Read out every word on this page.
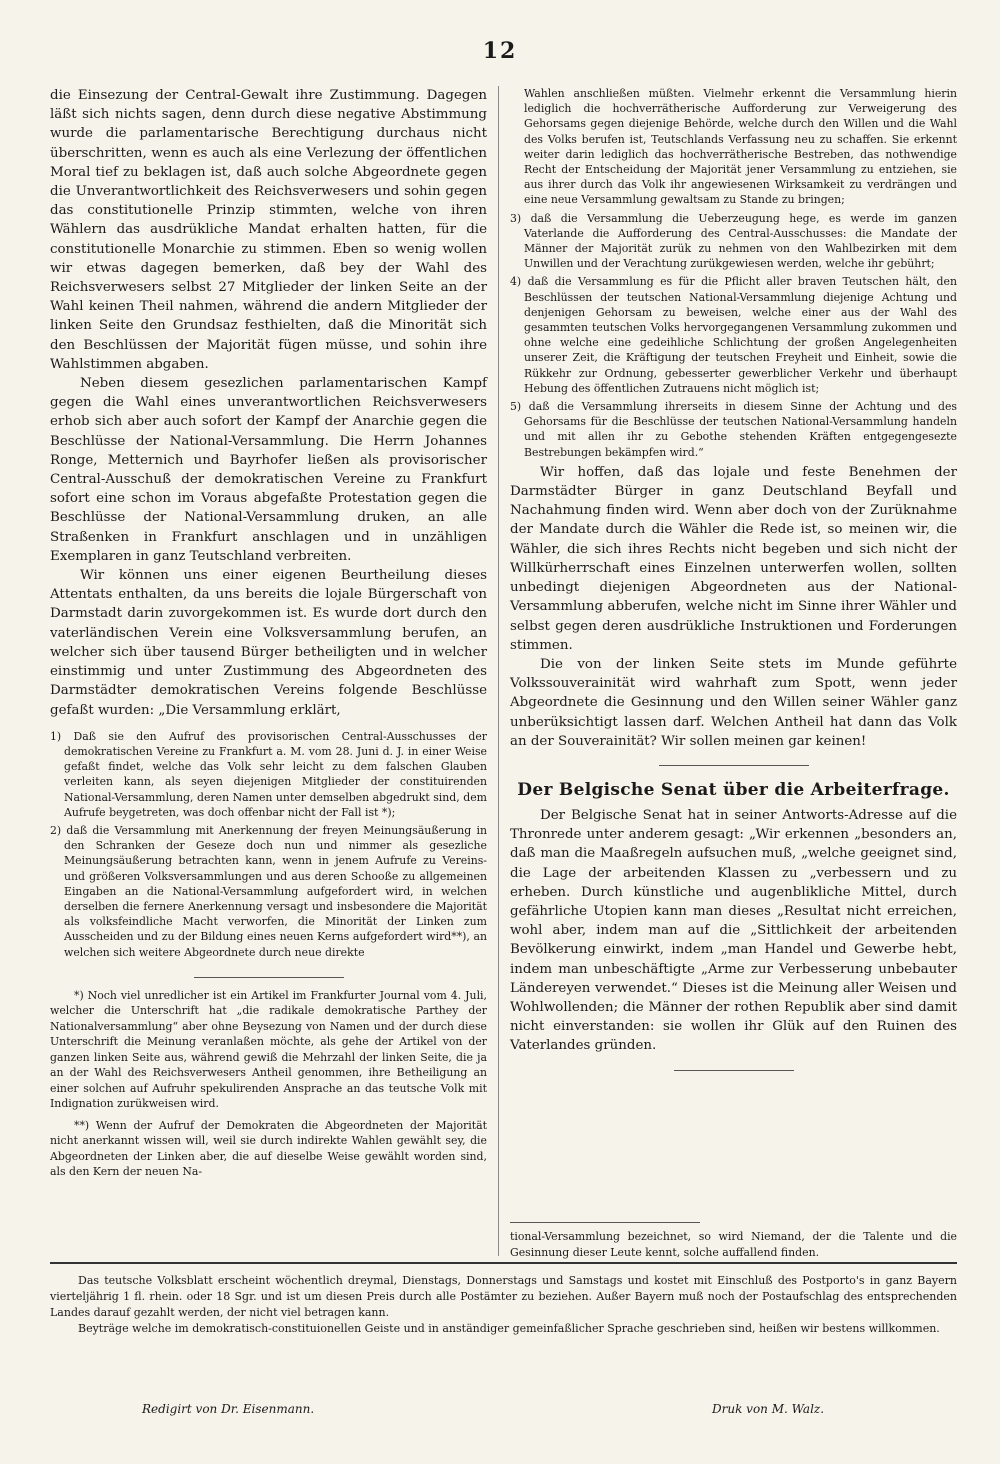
12

die Einsezung der Central-Gewalt ihre Zustimmung. Dagegen läßt sich nichts sagen, denn durch diese negative Abstimmung wurde die parlamentarische Berechtigung durchaus nicht überschritten, wenn es auch als eine Verlezung der öffentlichen Moral tief zu beklagen ist, daß auch solche Abgeordnete gegen die Unverantwortlichkeit des Reichsverwesers und sohin gegen das constitutionelle Prinzip stimmten, welche von ihren Wählern das ausdrükliche Mandat erhalten hatten, für die constitutionelle Monarchie zu stimmen. Eben so wenig wollen wir etwas dagegen bemerken, daß bey der Wahl des Reichsverwesers selbst 27 Mitglieder der linken Seite an der Wahl keinen Theil nahmen, während die andern Mitglieder der linken Seite den Grundsaz festhielten, daß die Minorität sich den Beschlüssen der Majorität fügen müsse, und sohin ihre Wahlstimmen abgaben.

Neben diesem gesezlichen parlamentarischen Kampf gegen die Wahl eines unverantwortlichen Reichsverwesers erhob sich aber auch sofort der Kampf der Anarchie gegen die Beschlüsse der National-Versammlung. Die Herrn Johannes Ronge, Metternich und Bayrhofer ließen als provisorischer Central-Ausschuß der demokratischen Vereine zu Frankfurt sofort eine schon im Voraus abgefaßte Protestation gegen die Beschlüsse der National-Versammlung druken, an alle Straßenken in Frankfurt anschlagen und in unzähligen Exemplaren in ganz Teutschland verbreiten.

Wir können uns einer eigenen Beurtheilung dieses Attentats enthalten, da uns bereits die lojale Bürgerschaft von Darmstadt darin zuvorgekommen ist. Es wurde dort durch den vaterländischen Verein eine Volksversammlung berufen, an welcher sich über tausend Bürger betheiligten und in welcher einstimmig und unter Zustimmung des Abgeordneten des Darmstädter demokratischen Vereins folgende Beschlüsse gefaßt wurden: „Die Versammlung erklärt,

1) Daß sie den Aufruf des provisorischen Central-Ausschusses der demokratischen Vereine zu Frankfurt a. M. vom 28. Juni d. J. in einer Weise gefaßt findet, welche das Volk sehr leicht zu dem falschen Glauben verleiten kann, als seyen diejenigen Mitglieder der constituirenden National-Versammlung, deren Namen unter demselben abgedrukt sind, dem Aufrufe beygetreten, was doch offenbar nicht der Fall ist *);

2) daß die Versammlung mit Anerkennung der freyen Meinungsäußerung in den Schranken der Geseze doch nun und nimmer als gesezliche Meinungsäußerung betrachten kann, wenn in jenem Aufrufe zu Vereins- und größeren Volksversammlungen und aus deren Schooße zu allgemeinen Eingaben an die National-Versammlung aufgefordert wird, in welchen derselben die fernere Anerkennung versagt und insbesondere die Majorität als volksfeindliche Macht verworfen, die Minorität der Linken zum Ausscheiden und zu der Bildung eines neuen Kerns aufgefordert wird**), an welchen sich weitere Abgeordnete durch neue direkte

*) Noch viel unredlicher ist ein Artikel im Frankfurter Journal vom 4. Juli, welcher die Unterschrift hat „die radikale demokratische Parthey der Nationalversammlung“ aber ohne Beysezung von Namen und der durch diese Unterschrift die Meinung veranlaßen möchte, als gehe der Artikel von der ganzen linken Seite aus, während gewiß die Mehrzahl der linken Seite, die ja an der Wahl des Reichsverwesers Antheil genommen, ihre Betheiligung an einer solchen auf Aufruhr spekulirenden Ansprache an das teutsche Volk mit Indignation zurükweisen wird.

**) Wenn der Aufruf der Demokraten die Abgeordneten der Majorität nicht anerkannt wissen will, weil sie durch indirekte Wahlen gewählt sey, die Abgeordneten der Linken aber, die auf dieselbe Weise gewählt worden sind, als den Kern der neuen Na-

Wahlen anschließen müßten. Vielmehr erkennt die Versammlung hierin lediglich die hochverrätherische Aufforderung zur Verweigerung des Gehorsams gegen diejenige Behörde, welche durch den Willen und die Wahl des Volks berufen ist, Teutschlands Verfassung neu zu schaffen. Sie erkennt weiter darin lediglich das hochverrätherische Bestreben, das nothwendige Recht der Entscheidung der Majorität jener Versammlung zu entziehen, sie aus ihrer durch das Volk ihr angewiesenen Wirksamkeit zu verdrängen und eine neue Versammlung gewaltsam zu Stande zu bringen;

3) daß die Versammlung die Ueberzeugung hege, es werde im ganzen Vaterlande die Aufforderung des Central-Ausschusses: die Mandate der Männer der Majorität zurük zu nehmen von den Wahlbezirken mit dem Unwillen und der Verachtung zurükgewiesen werden, welche ihr gebührt;

4) daß die Versammlung es für die Pflicht aller braven Teutschen hält, den Beschlüssen der teutschen National-Versammlung diejenige Achtung und denjenigen Gehorsam zu beweisen, welche einer aus der Wahl des gesammten teutschen Volks hervorgegangenen Versammlung zukommen und ohne welche eine gedeihliche Schlichtung der großen Angelegenheiten unserer Zeit, die Kräftigung der teutschen Freyheit und Einheit, sowie die Rükkehr zur Ordnung, gebesserter gewerblicher Verkehr und überhaupt Hebung des öffentlichen Zutrauens nicht möglich ist;

5) daß die Versammlung ihrerseits in diesem Sinne der Achtung und des Gehorsams für die Beschlüsse der teutschen National-Versammlung handeln und mit allen ihr zu Gebothe stehenden Kräften entgegengesezte Bestrebungen bekämpfen wird.“

Wir hoffen, daß das lojale und feste Benehmen der Darmstädter Bürger in ganz Deutschland Beyfall und Nachahmung finden wird. Wenn aber doch von der Zurüknahme der Mandate durch die Wähler die Rede ist, so meinen wir, die Wähler, die sich ihres Rechts nicht begeben und sich nicht der Willkürherrschaft eines Einzelnen unterwerfen wollen, sollten unbedingt diejenigen Abgeordneten aus der National-Versammlung abberufen, welche nicht im Sinne ihrer Wähler und selbst gegen deren ausdrükliche Instruktionen und Forderungen stimmen.

Die von der linken Seite stets im Munde geführte Volkssouverainität wird wahrhaft zum Spott, wenn jeder Abgeordnete die Gesinnung und den Willen seiner Wähler ganz unberüksichtigt lassen darf. Welchen Antheil hat dann das Volk an der Souverainität? Wir sollen meinen gar keinen!

Der Belgische Senat über die Arbeiterfrage.

Der Belgische Senat hat in seiner Antworts-Adresse auf die Thronrede unter anderem gesagt: „Wir erkennen „besonders an, daß man die Maaßregeln aufsuchen muß, „welche geeignet sind, die Lage der arbeitenden Klassen zu „verbessern und zu erheben. Durch künstliche und augenblikliche Mittel, durch gefährliche Utopien kann man dieses „Resultat nicht erreichen, wohl aber, indem man auf die „Sittlichkeit der arbeitenden Bevölkerung einwirkt, indem „man Handel und Gewerbe hebt, indem man unbeschäftigte „Arme zur Verbesserung unbebauter Ländereyen verwendet.“ Dieses ist die Meinung aller Weisen und Wohlwollenden; die Männer der rothen Republik aber sind damit nicht einverstanden: sie wollen ihr Glük auf den Ruinen des Vaterlandes gründen.

tional-Versammlung bezeichnet, so wird Niemand, der die Talente und die Gesinnung dieser Leute kennt, solche auffallend finden.

Das teutsche Volksblatt erscheint wöchentlich dreymal, Dienstags, Donnerstags und Samstags und kostet mit Einschluß des Postporto's in ganz Bayern vierteljährig 1 fl. rhein. oder 18 Sgr. und ist um diesen Preis durch alle Postämter zu beziehen. Außer Bayern muß noch der Postaufschlag des entsprechenden Landes darauf gezahlt werden, der nicht viel betragen kann.

Beyträge welche im demokratisch-constituionellen Geiste und in anständiger gemeinfaßlicher Sprache geschrieben sind, heißen wir bestens willkommen.

Redigirt von Dr. Eisenmann.	Druk von M. Walz.
